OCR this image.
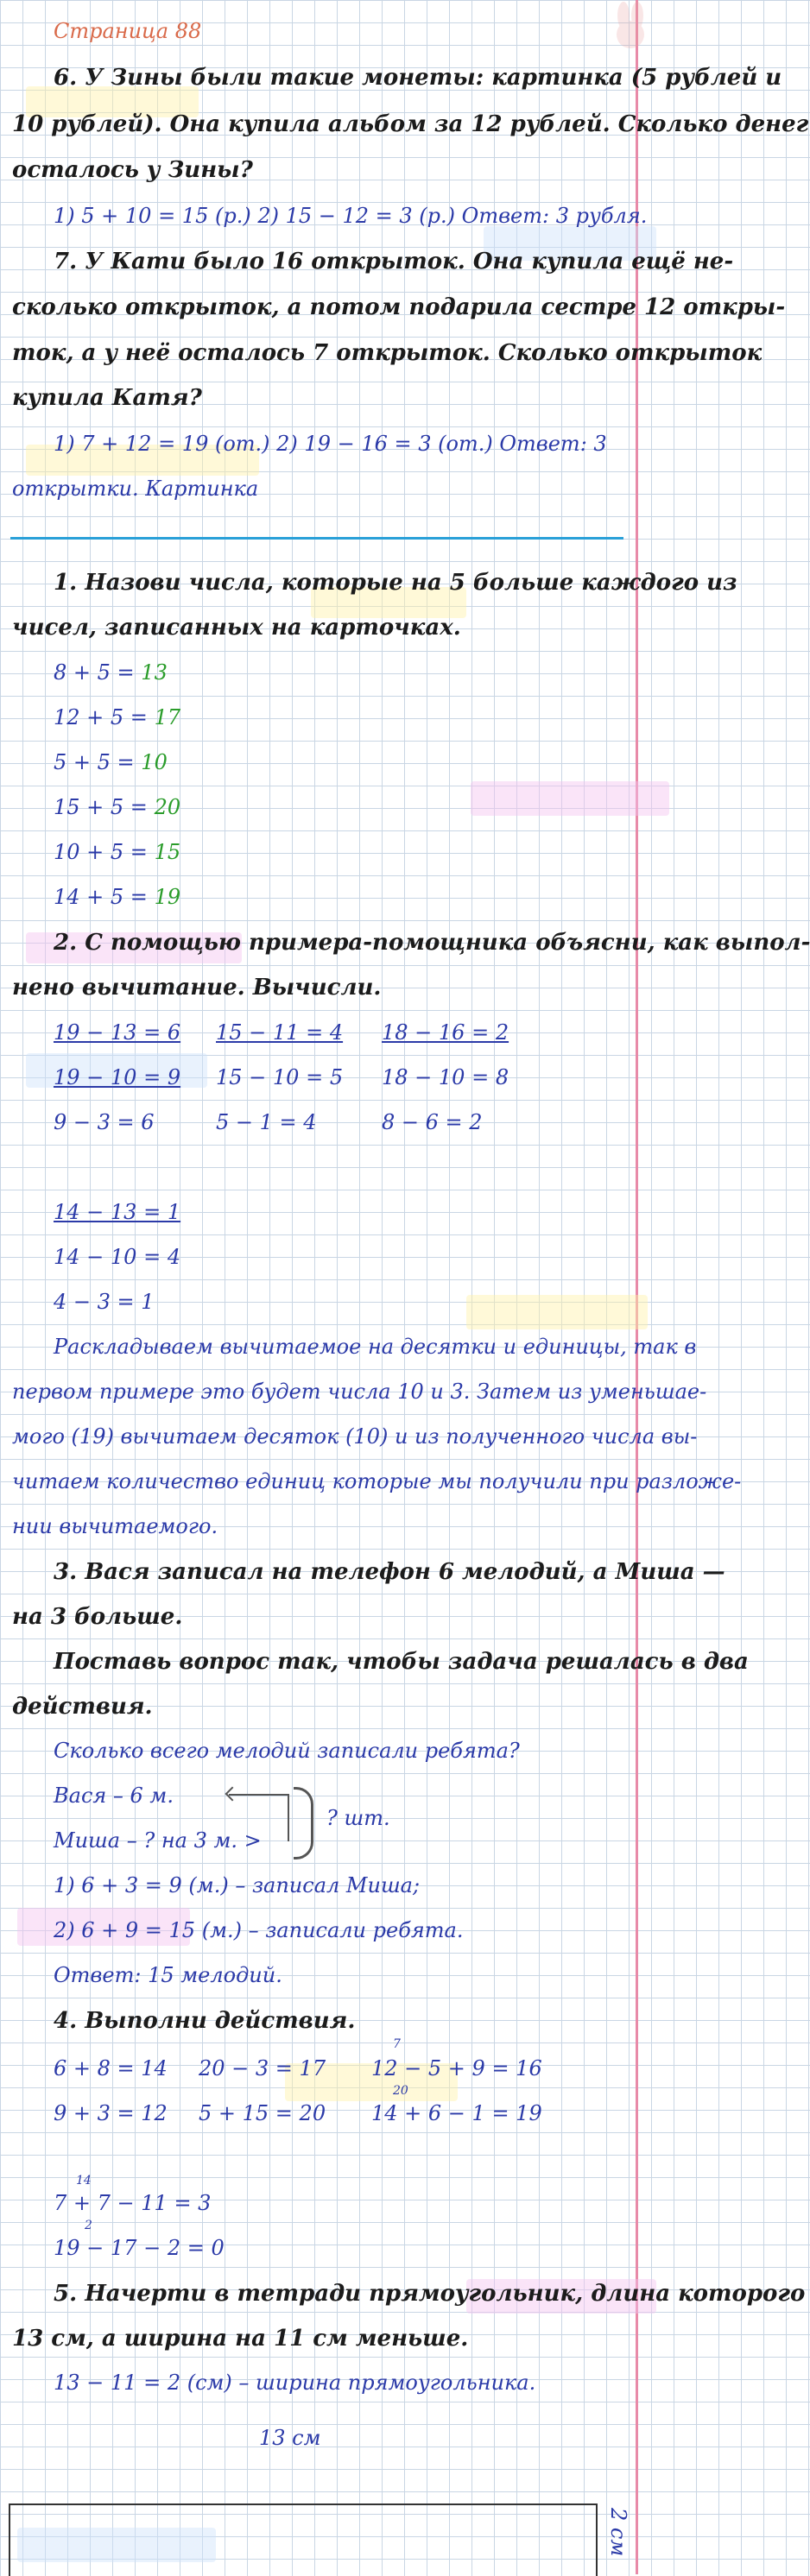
Страница 88
6. У Зины были такие монеты: картинка (5 рублей и
10 рублей). Она купила альбом за 12 рублей. Сколько денег
осталось у Зины?
1) 5 + 10 = 15 (р.) 2) 15 − 12 = 3 (р.) Ответ: 3 рубля.
7. У Кати было 16 открыток. Она купила ещё не-
сколько открыток, а потом подарила сестре 12 откры-
ток, а у неё осталось 7 открыток. Сколько открыток
купила Катя?
1) 7 + 12 = 19 (от.) 2) 19 − 16 = 3 (от.) Ответ: 3
открытки. Картинка
1. Назови числа, которые на 5 больше каждого из
чисел, записанных на карточках.
8 + 5 = 13
12 + 5 = 17
5 + 5 = 10
15 + 5 = 20
10 + 5 = 15
14 + 5 = 19
2. С помощью примера-помощника объясни, как выпол-
нено вычитание. Вычисли.
19 − 13 = 6
19 − 10 = 9
9 − 3 = 6
15 − 11 = 4
15 − 10 = 5
5 − 1 = 4
18 − 16 = 2
18 − 10 = 8
8 − 6 = 2
14 − 13 = 1
14 − 10 = 4
4 − 3 = 1
Раскладываем вычитаемое на десятки и единицы, так в
первом примере это будет числа 10 и 3. Затем из уменьшае-
мого (19) вычитаем десяток (10) и из полученного числа вы-
читаем количество единиц которые мы получили при разложе-
нии вычитаемого.
3. Вася записал на телефон 6 мелодий, а Миша —
на 3 больше.
Поставь вопрос так, чтобы задача решалась в два
действия.
Сколько всего мелодий записали ребята?
Вася – 6 м.
Миша – ? на 3 м. >
? шт.
1) 6 + 3 = 9 (м.) – записал Миша;
2) 6 + 9 = 15 (м.) – записали ребята.
Ответ: 15 мелодий.
4. Выполни действия.
7
6 + 8 = 14 20 − 3 = 17 12 − 5 + 9 = 16
20
9 + 3 = 12 5 + 15 = 20 14 + 6 − 1 = 19
14
7 + 7 − 11 = 3
2
19 − 17 − 2 = 0
5. Начерти в тетради прямоугольник, длина которого
13 см, а ширина на 11 см меньше.
13 − 11 = 2 (см) – ширина прямоугольника.
13 см
2 см
